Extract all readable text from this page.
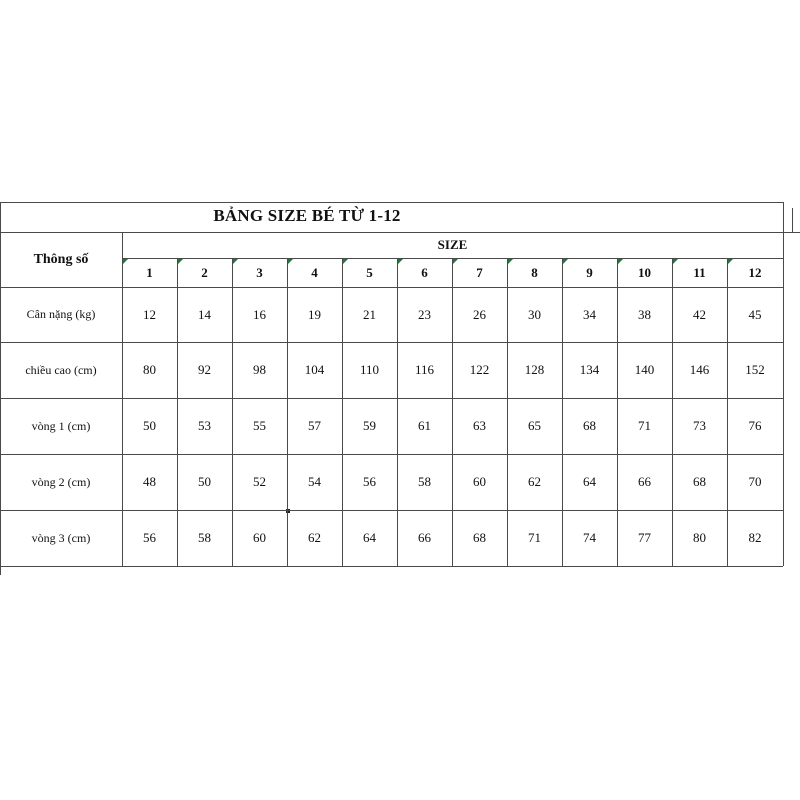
BẢNG SIZE BÉ TỪ 1-12
Thông số
SIZE
1	2	3	4	5	6	7	8	9	10	11	12
Cân nặng (kg)	12	14	16	19	21	23	26	30	34	38	42	45
chiều cao (cm)	80	92	98	104	110	116	122	128	134	140	146	152
vòng 1 (cm)	50	53	55	57	59	61	63	65	68	71	73	76
vòng 2 (cm)	48	50	52	54	56	58	60	62	64	66	68	70
vòng 3 (cm)	56	58	60	62	64	66	68	71	74	77	80	82
